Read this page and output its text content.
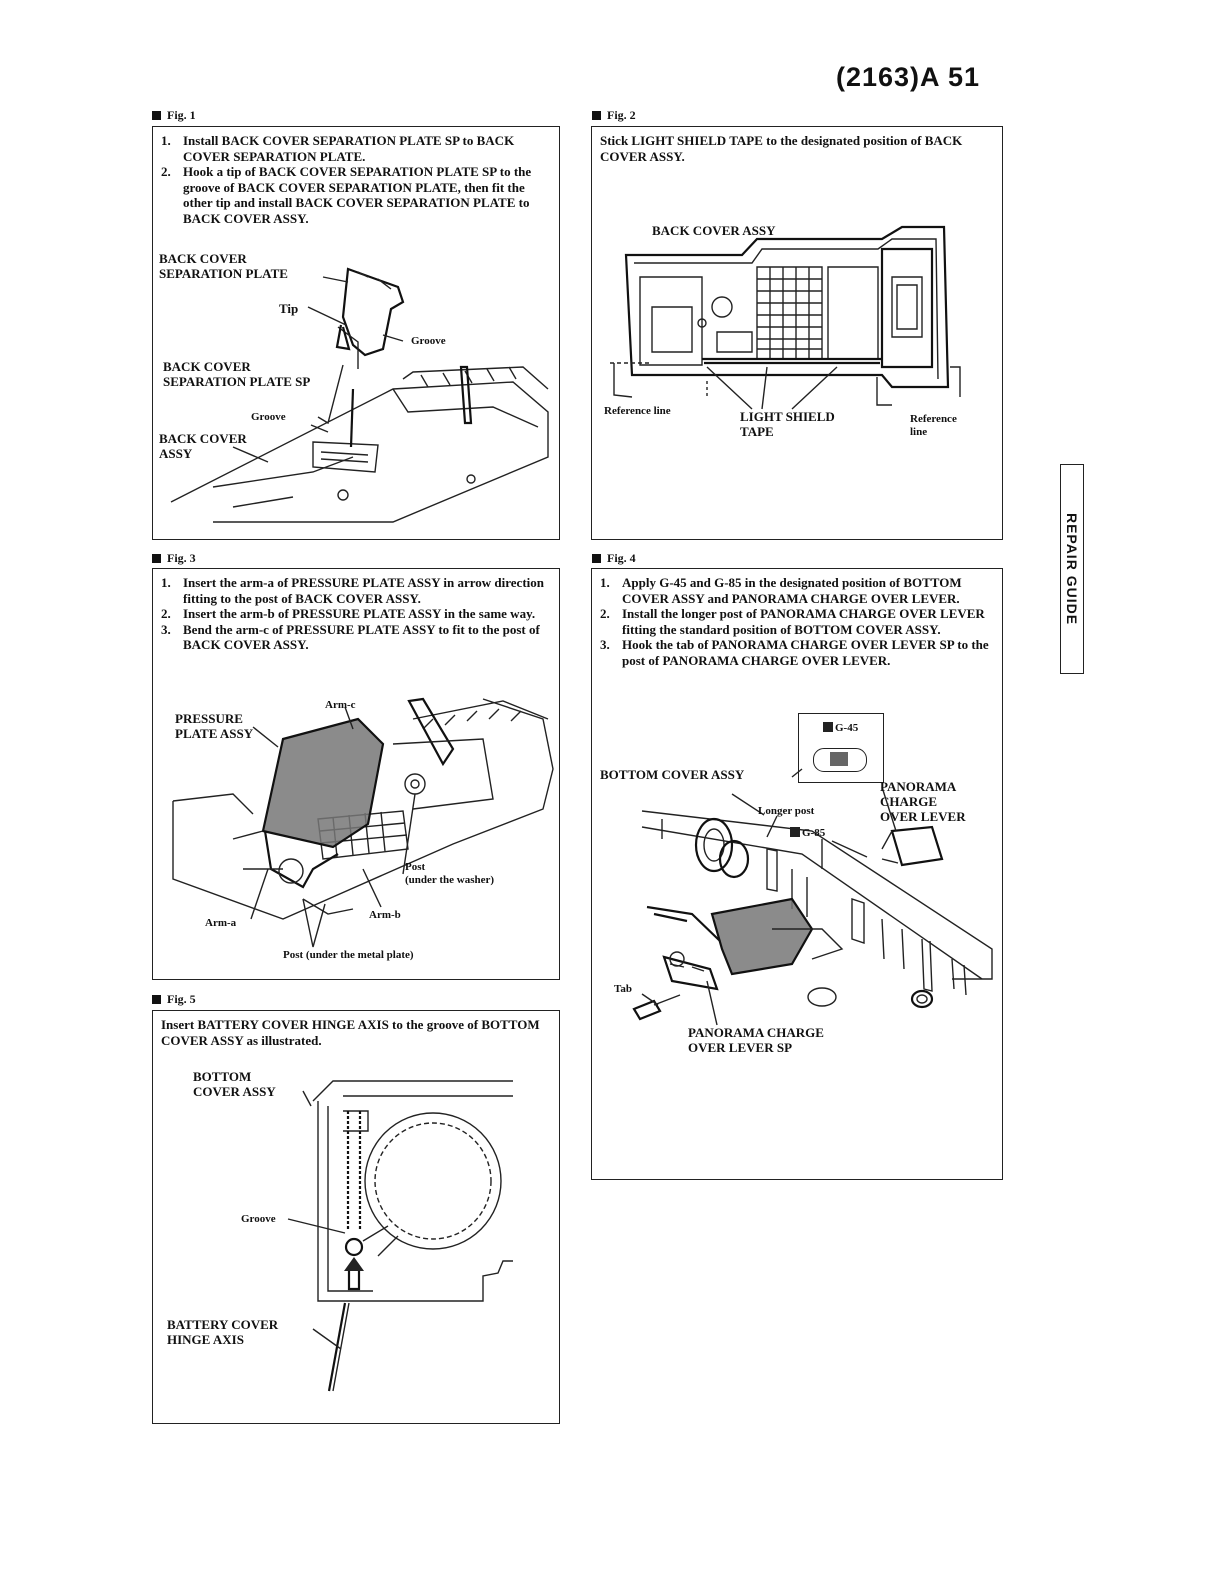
(2163)A 51
REPAIR GUIDE
Fig. 1
1. Install BACK COVER SEPARATION PLATE SP to BACK COVER SEPARATION PLATE.
2. Hook a tip of BACK COVER SEPARATION PLATE SP to the groove of BACK COVER SEPARATION PLATE, then fit the other tip and install BACK COVER SEPARATION PLATE to BACK COVER ASSY.
BACK COVER
SEPARATION PLATE
Tip
Groove
BACK COVER
SEPARATION PLATE SP
Groove
BACK COVER
ASSY
Fig. 2
Stick LIGHT SHIELD TAPE to the designated position of BACK COVER ASSY.
BACK COVER ASSY
Reference line	LIGHT SHIELD
TAPE
Reference
line
Fig. 3
1. Insert the arm-a of PRESSURE PLATE ASSY in arrow direction fitting to the post of BACK COVER ASSY.
2. Insert the arm-b of PRESSURE PLATE ASSY in the same way.
3. Bend the arm-c of PRESSURE PLATE ASSY to fit to the post of BACK COVER ASSY.
PRESSURE
PLATE ASSY
Arm-c
Post
(under the washer)
Arm-b
Arm-a
Post (under the metal plate)
Fig. 4
1. Apply G-45 and G-85 in the designated position of BOTTOM COVER ASSY and PANORAMA CHARGE OVER LEVER.
2. Install the longer post of PANORAMA CHARGE OVER LEVER fitting the standard position of BOTTOM COVER ASSY.
3. Hook the tab of PANORAMA CHARGE OVER LEVER SP to the post of PANORAMA CHARGE OVER LEVER.
G-45
BOTTOM COVER ASSY
Longer post
G-85
PANORAMA
CHARGE
OVER LEVER
Tab
PANORAMA CHARGE
OVER LEVER SP
Fig. 5
Insert BATTERY COVER HINGE AXIS to the groove of BOTTOM COVER ASSY as illustrated.
BOTTOM
COVER ASSY
Groove
BATTERY COVER
HINGE AXIS
